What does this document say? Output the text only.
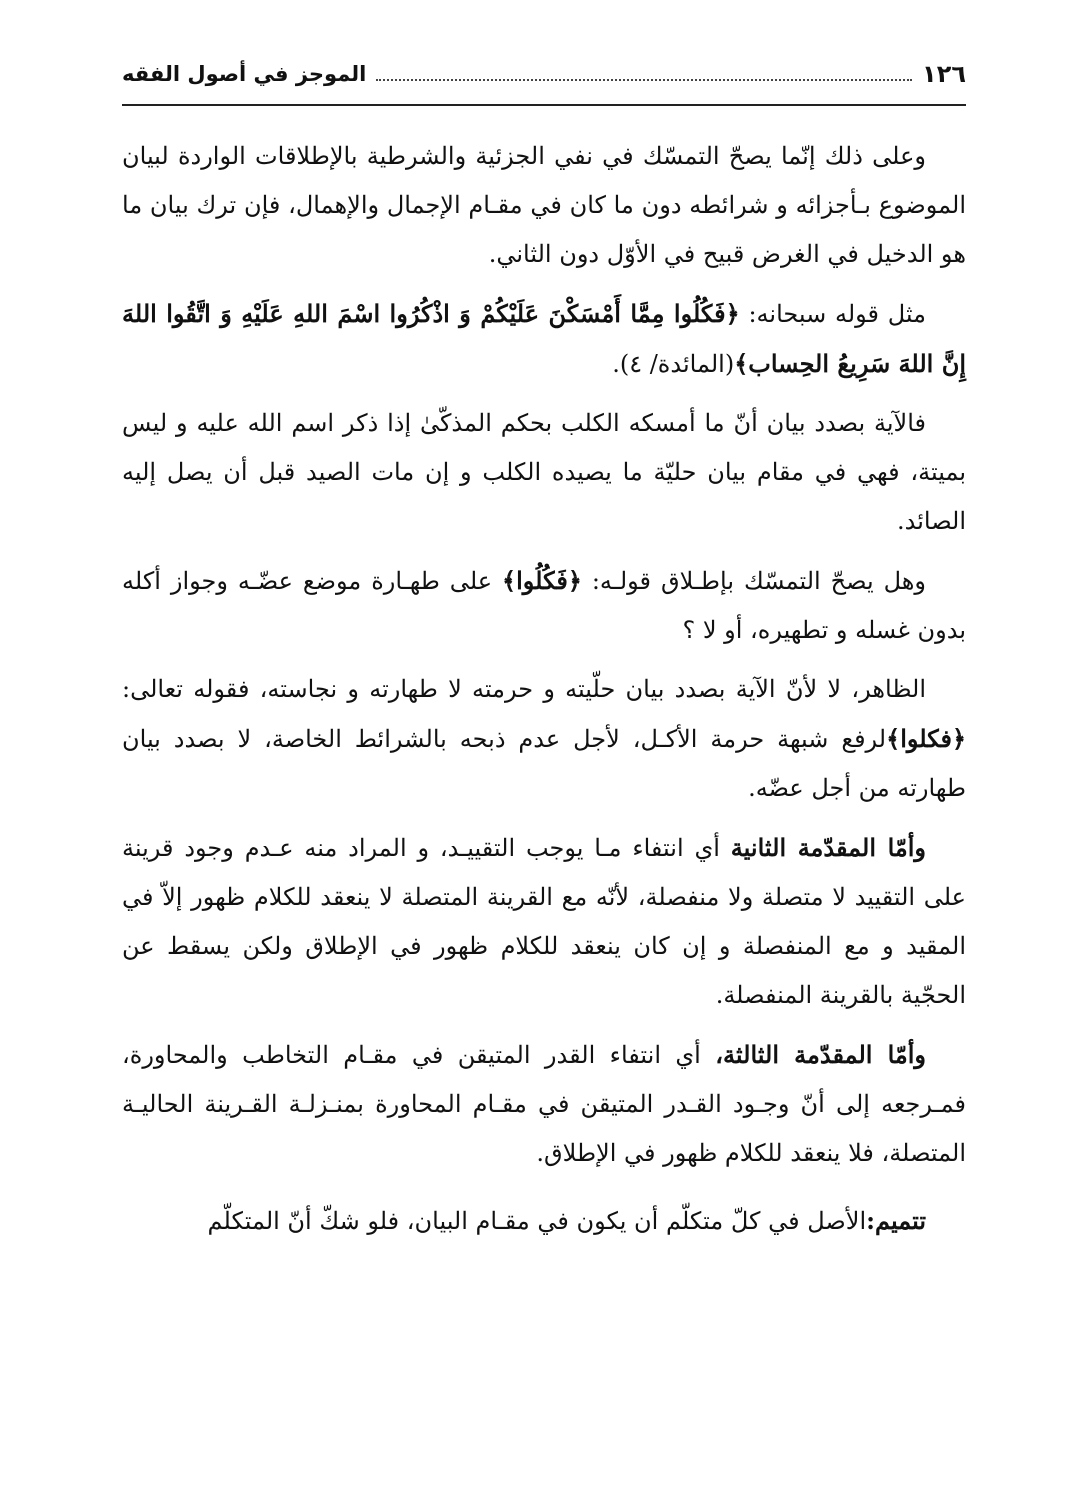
١٢٦
الموجز في أصول الفقه

وعلى ذلك إنّما يصحّ التمسّك في نفي الجزئية والشرطية بالإطلاقات الواردة لبيان الموضوع بـأجزائه و شرائطه دون ما كان في مقـام الإجمال والإهمال، فإن ترك بيان ما هو الدخيل في الغرض قبيح في الأوّل دون الثاني.

مثل قوله سبحانه: ﴿فَكُلُوا مِمَّا أَمْسَكْنَ عَلَيْكُمْ وَ اذْكُرُوا اسْمَ اللهِ عَلَيْهِ وَ اتَّقُوا اللهَ إِنَّ اللهَ سَرِيعُ الحِساب﴾(المائدة/ ٤).

فالآية بصدد بيان أنّ ما أمسكه الكلب بحكم المذكّىٰ إذا ذكر اسم الله عليه و ليس بميتة، فهي في مقام بيان حليّة ما يصيده الكلب و إن مات الصيد قبل أن يصل إليه الصائد.

وهل يصحّ التمسّك بإطـلاق قولـه: ﴿فَكُلُوا﴾ على طهـارة موضع عضّـه وجواز أكله بدون غسله و تطهيره، أو لا ؟

الظاهر، لا لأنّ الآية بصدد بيان حلّيته و حرمته لا طهارته و نجاسته، فقوله تعالى: ﴿فكلوا﴾لرفع شبهة حرمة الأكـل، لأجل عدم ذبحه بالشرائط الخاصة، لا بصدد بيان طهارته من أجل عضّه.

وأمّا المقدّمة الثانية أي انتفاء مـا يوجب التقييـد، و المراد منه عـدم وجود قرينة على التقييد لا متصلة ولا منفصلة، لأنّه مع القرينة المتصلة لا ينعقد للكلام ظهور إلاّ في المقيد و مع المنفصلة و إن كان ينعقد للكلام ظهور في الإطلاق ولكن يسقط عن الحجّية بالقرينة المنفصلة.

وأمّا المقدّمة الثالثة، أي انتفاء القدر المتيقن في مقـام التخاطب والمحاورة، فمـرجعه إلى أنّ وجـود القـدر المتيقن في مقـام المحاورة بمنـزلـة القـرينة الحاليـة المتصلة، فلا ينعقد للكلام ظهور في الإطلاق.

تتميم:الأصل في كلّ متكلّم أن يكون في مقـام البيان، فلو شكّ أنّ المتكلّم
